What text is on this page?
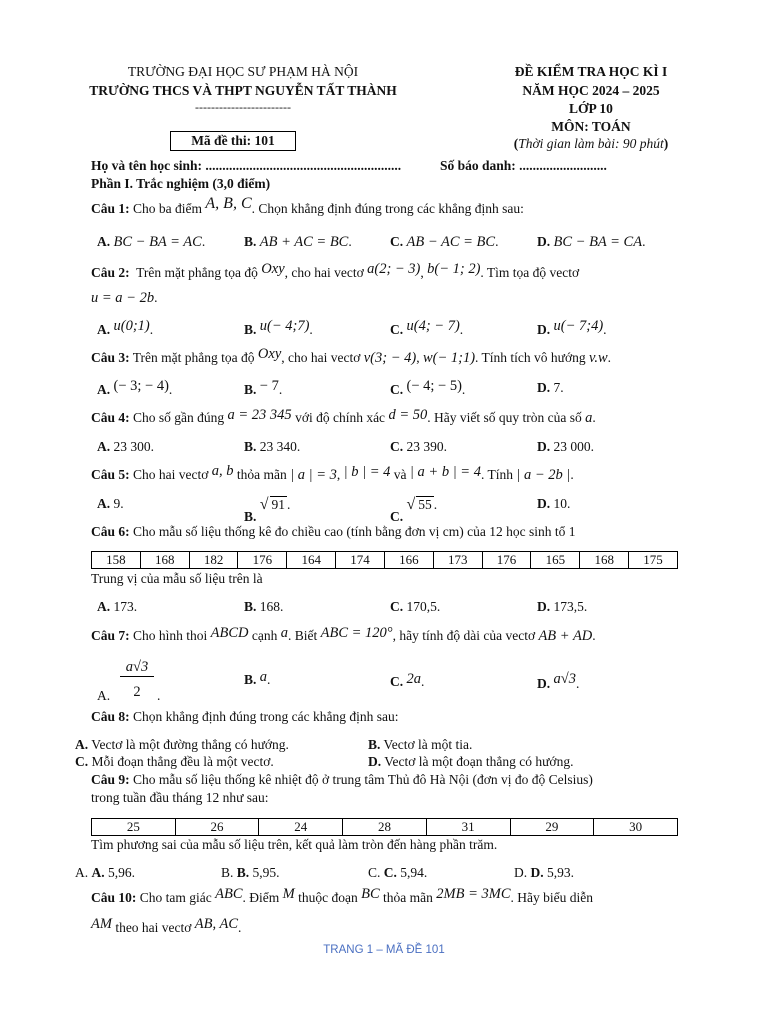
TRƯỜNG ĐẠI HỌC SƯ PHẠM HÀ NỘI
TRƯỜNG THCS VÀ THPT NGUYỄN TẤT THÀNH
------------------------
Mã đề thi: 101
ĐỀ KIỂM TRA HỌC KÌ I
NĂM HỌC 2024 – 2025
LỚP 10
MÔN: TOÁN
(Thời gian làm bài: 90 phút)
Họ và tên học sinh: ..........................................................	Số báo danh: ..........................
Phần I. Trắc nghiệm (3,0 điểm)
Câu 1: Cho ba điểm A, B, C. Chọn khẳng định đúng trong các khẳng định sau:
A. BC − BA = AC.	B. AB + AC = BC.	C. AB − AC = BC.	D. BC − BA = CA.
Câu 2: Trên mặt phẳng tọa độ Oxy, cho hai vectơ a(2; − 3), b(− 1; 2). Tìm tọa độ vectơ
u = a − 2b.
A. u(0;1).	B. u(− 4;7).	C. u(4; − 7).	D. u(− 7;4).
Câu 3: Trên mặt phẳng tọa độ Oxy, cho hai vectơ v(3; − 4), w(− 1;1). Tính tích vô hướng v.w.
A. (− 3; − 4).	B. − 7.	C. (− 4; − 5).	D. 7.
Câu 4: Cho số gần đúng a = 23 345 với độ chính xác d = 50. Hãy viết số quy tròn của số a.
A. 23 300.	B. 23 340.	C. 23 390.	D. 23 000.
Câu 5: Cho hai vectơ a, b thỏa mãn | a | = 3, | b | = 4 và | a + b | = 4. Tính | a − 2b |.
A. 9.
B. √ 91 .
C. √ 55 .	D. 10.
Câu 6: Cho mẫu số liệu thống kê đo chiều cao (tính bằng đơn vị cm) của 12 học sinh tổ 1
158	168	182	176	164	174	166	173	176	165	168	175
Trung vị của mẫu số liệu trên là
A. 173.	B. 168.	C. 170,5.	D. 173,5.
Câu 7: Cho hình thoi ABCD cạnh a. Biết ABC = 120°, hãy tính độ dài của vectơ AB + AD.
A.
a√3
2	.
B. a.	C. 2a.	D. a√3.
Câu 8: Chọn khẳng định đúng trong các khẳng định sau:
A. Vectơ là một đường thẳng có hướng.	B. Vectơ là một tia.
C. Mỗi đoạn thẳng đều là một vectơ.	D. Vectơ là một đoạn thẳng có hướng.
Câu 9: Cho mẫu số liệu thống kê nhiệt độ ở trung tâm Thủ đô Hà Nội (đơn vị đo độ Celsius)
trong tuần đầu tháng 12 như sau:
25	26	24	28	31	29	30
Tìm phương sai của mẫu số liệu trên, kết quả làm tròn đến hàng phần trăm.
A. A. 5,96.	B. B. 5,95.	C. C. 5,94.	D. D. 5,93.
Câu 10: Cho tam giác ABC. Điểm M thuộc đoạn BC thỏa mãn 2MB = 3MC. Hãy biểu diễn
AM theo hai vectơ AB, AC.
TRANG 1 – MÃ ĐỀ 101
